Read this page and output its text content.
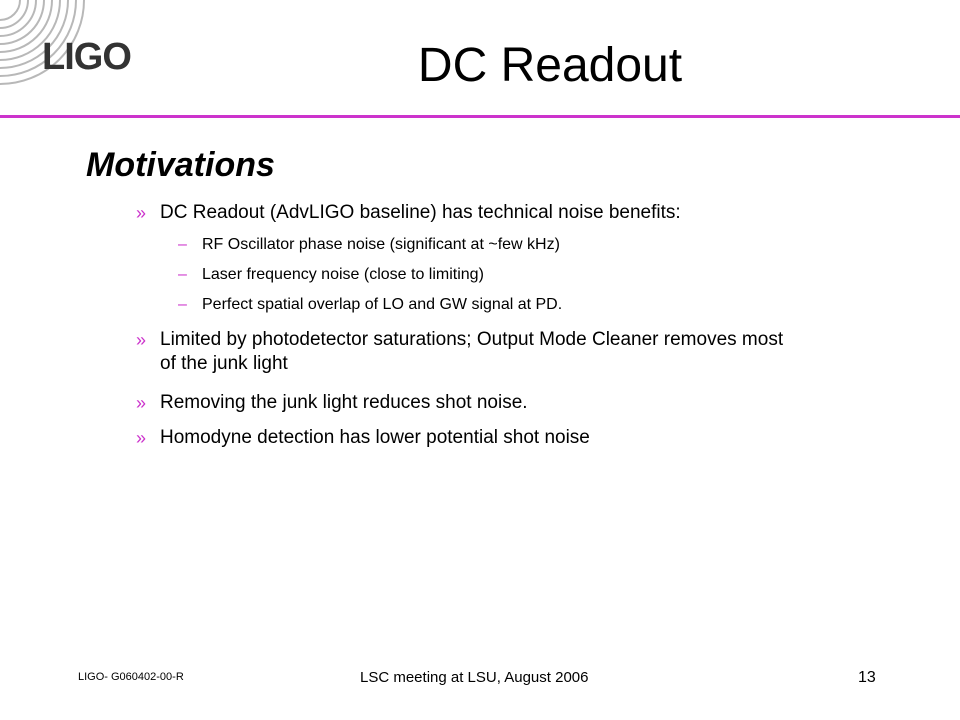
LIGO	DC Readout
Motivations
» DC Readout (AdvLIGO baseline) has technical noise benefits:
– RF Oscillator phase noise (significant at ~few kHz)
– Laser frequency noise (close to limiting)
– Perfect spatial overlap of LO and GW signal at PD.
» Limited by photodetector saturations; Output Mode Cleaner removes most of the junk light
» Removing the junk light reduces shot noise.
» Homodyne detection has lower potential shot noise
LIGO- G060402-00-R	LSC meeting at LSU, August 2006	13
